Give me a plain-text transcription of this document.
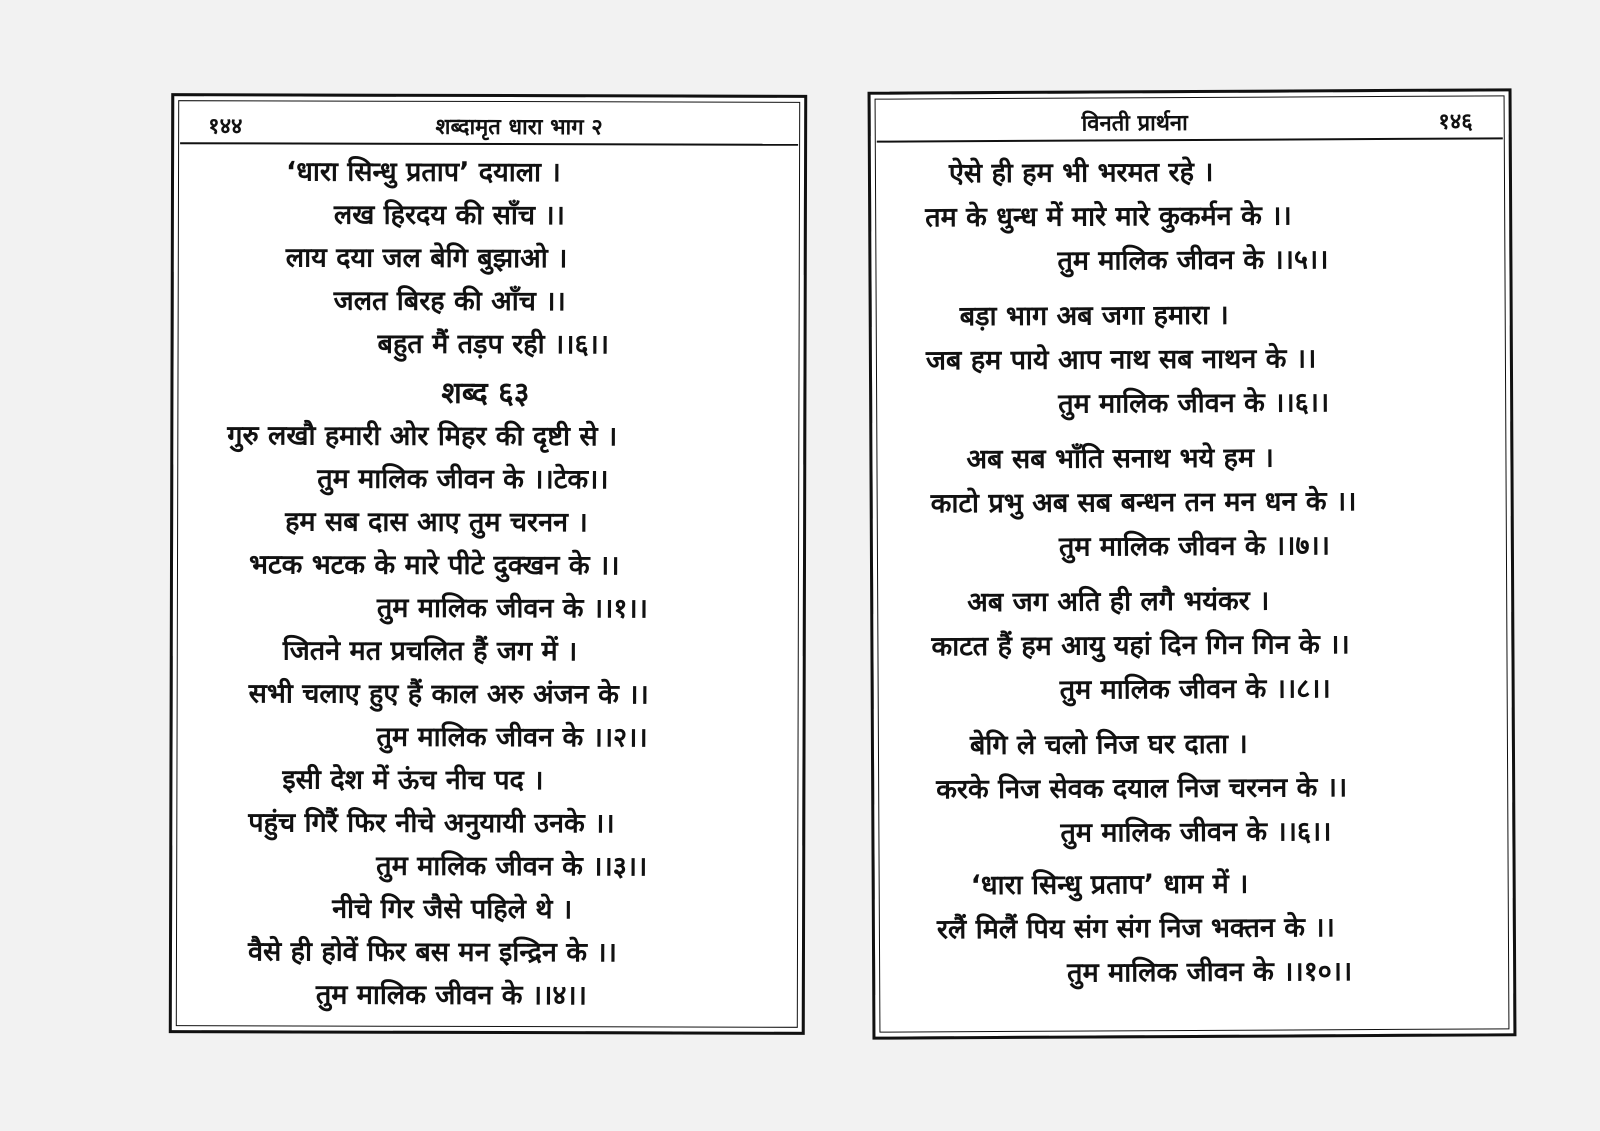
१४४	शब्दामृत धारा भाग २
‘धारा सिन्धु प्रताप’ दयाला ।
लख हिरदय की साँच ।।
लाय दया जल बेगि बुझाओ ।
जलत बिरह की आँच ।।
बहुत मैं तड़प रही ।।६।।
शब्द ६३
गुरु लखौ हमारी ओर मिहर की दृष्टी से ।
तुम मालिक जीवन के ।।टेक।।
हम सब दास आए तुम चरनन ।
भटक भटक के मारे पीटे दुक्खन के ।।
तुम मालिक जीवन के ।।१।।
जितने मत प्रचलित हैं जग में ।
सभी चलाए हुए हैं काल अरु अंजन के ।।
तुम मालिक जीवन के ।।२।।
इसी देश में ऊंच नीच पद ।
पहुंच गिरैं फिर नीचे अनुयायी उनके ।।
तुम मालिक जीवन के ।।३।।
नीचे गिर जैसे पहिले थे ।
वैसे ही होवें फिर बस मन इन्द्रिन के ।।
तुम मालिक जीवन के ।।४।।
विनती प्रार्थना	१४६
ऐसे ही हम भी भरमत रहे ।
तम के धुन्ध में मारे मारे कुकर्मन के ।।
तुम मालिक जीवन के ।।५।।
बड़ा भाग अब जगा हमारा ।
जब हम पाये आप नाथ सब नाथन के ।।
तुम मालिक जीवन के ।।६।।
अब सब भाँति सनाथ भये हम ।
काटो प्रभु अब सब बन्धन तन मन धन के ।।
तुम मालिक जीवन के ।।७।।
अब जग अति ही लगै भयंकर ।
काटत हैं हम आयु यहां दिन गिन गिन के ।।
तुम मालिक जीवन के ।।८।।
बेगि ले चलो निज घर दाता ।
करके निज सेवक दयाल निज चरनन के ।।
तुम मालिक जीवन के ।।६।।
‘धारा सिन्धु प्रताप’ धाम में ।
रलैं मिलैं पिय संग संग निज भक्तन के ।।
तुम मालिक जीवन के ।।१०।।
